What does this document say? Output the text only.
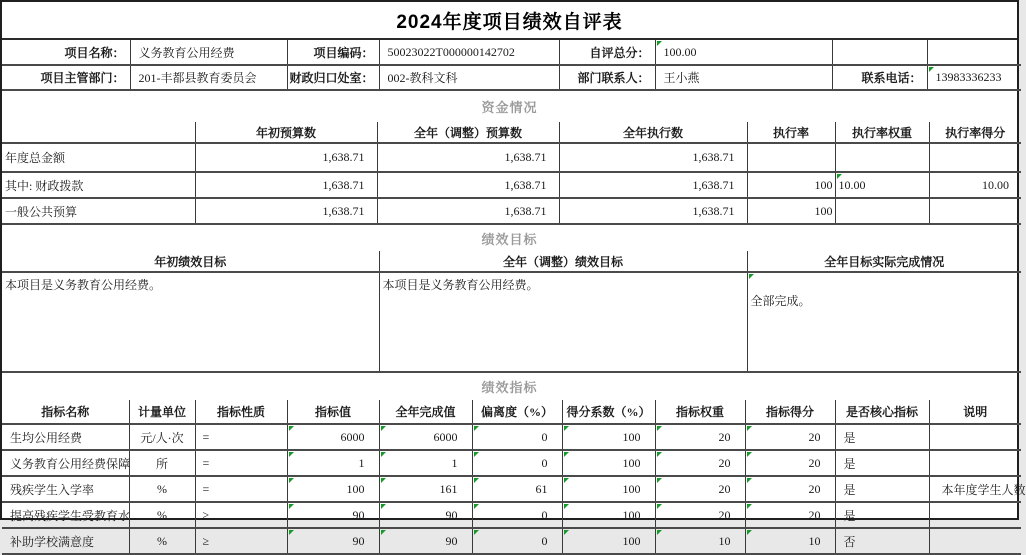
2024年度项目绩效自评表
项目名称：	义务教育公用经费	项目编码：	50023022T000000142702	自评总分：	100.00		
项目主管部门：	201-丰都县教育委员会	财政归口处室：	002-教科文科	部门联系人：	王小燕	联系电话：	13983336233
资金情况
	年初预算数	全年（调整）预算数	全年执行数	执行率	执行率权重	执行率得分
年度总金额	1,638.71	1,638.71	1,638.71			
其中: 财政拨款	1,638.71	1,638.71	1,638.71	100	10.00	10.00
一般公共预算	1,638.71	1,638.71	1,638.71	100		
绩效目标
年初绩效目标	全年（调整）绩效目标	全年目标实际完成情况
本项目是义务教育公用经费。	本项目是义务教育公用经费。	全部完成。
绩效指标
指标名称	计量单位	指标性质	指标值	全年完成值	偏离度（%）	得分系数（%）	指标权重	指标得分	是否核心指标	说明
生均公用经费	元/人·次	=	6000	6000	0	100	20	20	是	
义务教育公用经费保障	所	=	1	1	0	100	20	20	是	
残疾学生入学率	%	=	100	161	61	100	20	20	是	本年度学生人数
提高残疾学生受教育水	%	≥	90	90	0	100	20	20	是	
补助学校满意度	%	≥	90	90	0	100	10	10	否	
